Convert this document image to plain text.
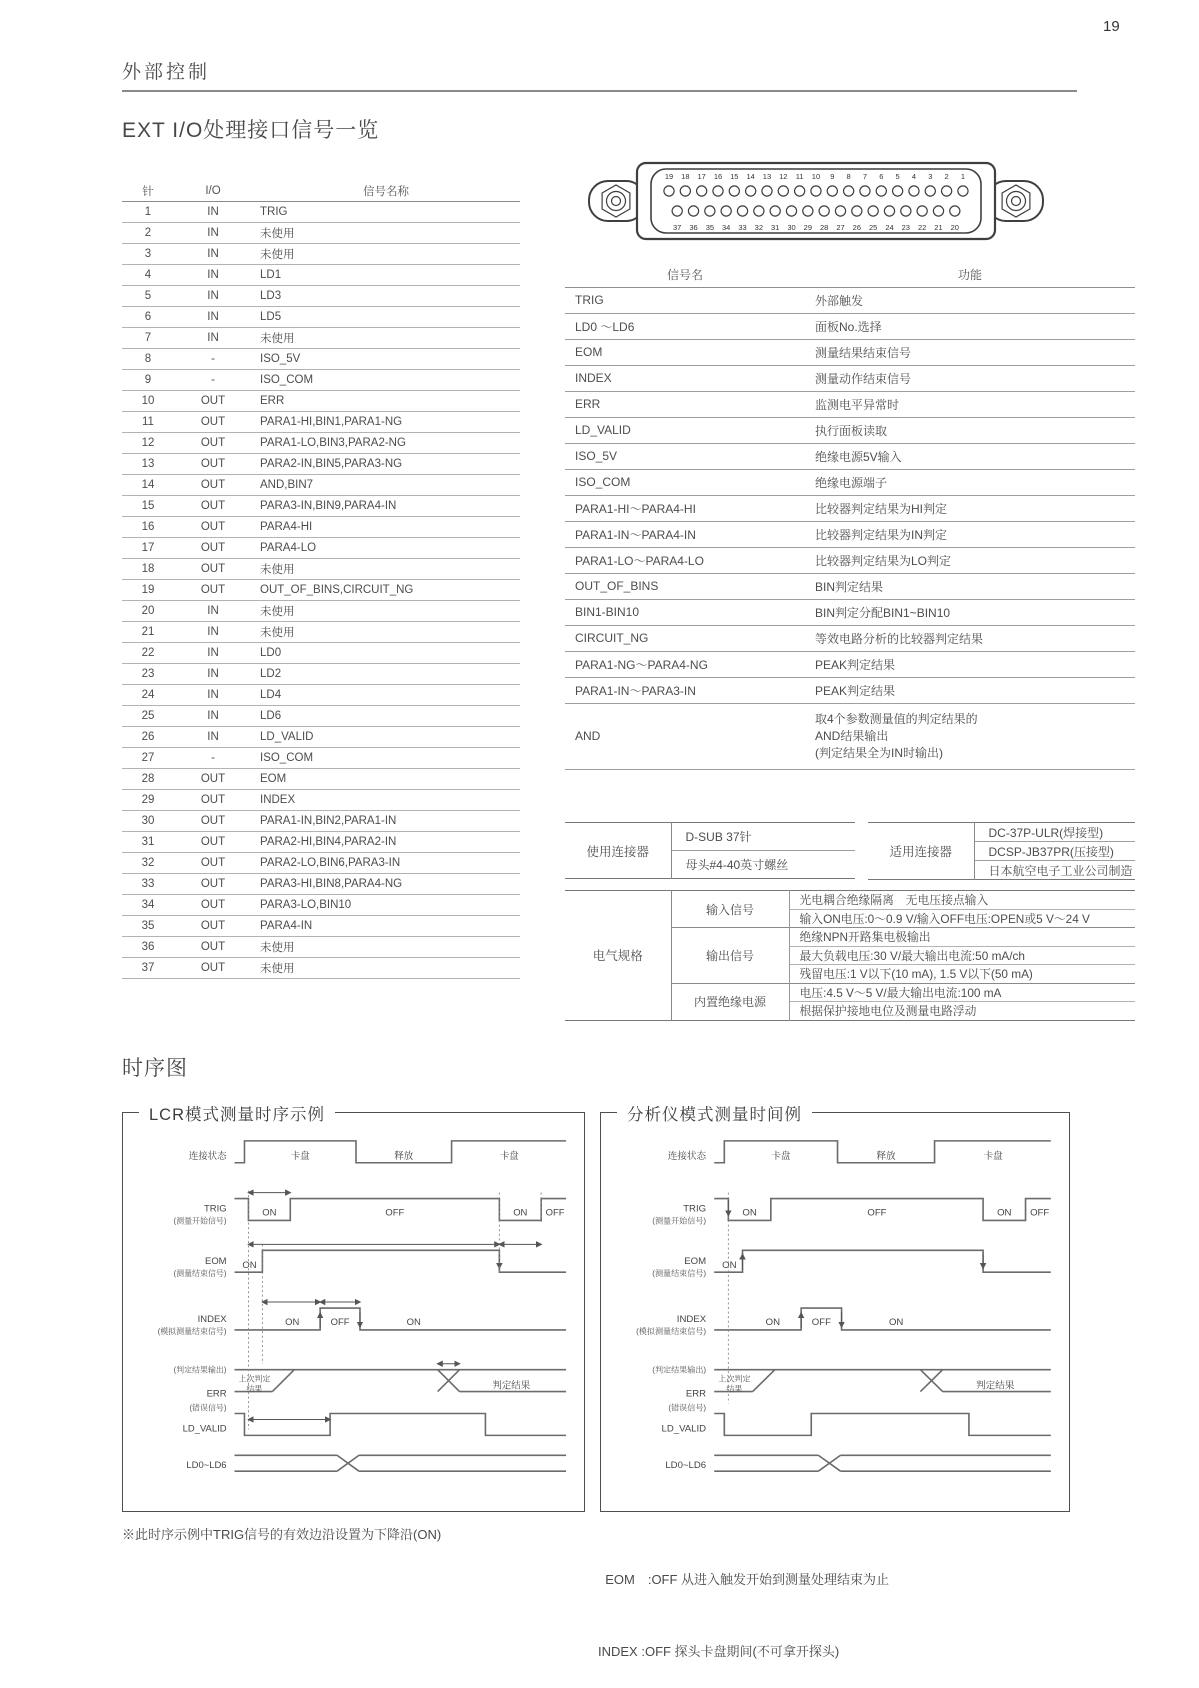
19
外部控制
EXT I/O处理接口信号一览
针	I/O	信号名称
1	IN	TRIG
2	IN	未使用
3	IN	未使用
4	IN	LD1
5	IN	LD3
6	IN	LD5
7	IN	未使用
8	-	ISO_5V
9	-	ISO_COM
10	OUT	ERR
11	OUT	PARA1-HI,BIN1,PARA1-NG
12	OUT	PARA1-LO,BIN3,PARA2-NG
13	OUT	PARA2-IN,BIN5,PARA3-NG
14	OUT	AND,BIN7
15	OUT	PARA3-IN,BIN9,PARA4-IN
16	OUT	PARA4-HI
17	OUT	PARA4-LO
18	OUT	未使用
19	OUT	OUT_OF_BINS,CIRCUIT_NG
20	IN	未使用
21	IN	未使用
22	IN	LD0
23	IN	LD2
24	IN	LD4
25	IN	LD6
26	IN	LD_VALID
27	-	ISO_COM
28	OUT	EOM
29	OUT	INDEX
30	OUT	PARA1-IN,BIN2,PARA1-IN
31	OUT	PARA2-HI,BIN4,PARA2-IN
32	OUT	PARA2-LO,BIN6,PARA3-IN
33	OUT	PARA3-HI,BIN8,PARA4-NG
34	OUT	PARA3-LO,BIN10
35	OUT	PARA4-IN
36	OUT	未使用
37	OUT	未使用
19 18 17 16 15 14 13 12 11 10 9 8 7 6 5 4 3 2 1
37 36 35 34 33 32 31 30 29 28 27 26 25 24 23 22 21 20
信号名	功能
TRIG	外部触发
LD0 ～LD6	面板No.选择
EOM	测量结果结束信号
INDEX	测量动作结束信号
ERR	监测电平异常时
LD_VALID	执行面板读取
ISO_5V	绝缘电源5V输入
ISO_COM	绝缘电源端子
PARA1-HI～PARA4-HI	比较器判定结果为HI判定
PARA1-IN～PARA4-IN	比较器判定结果为IN判定
PARA1-LO～PARA4-LO	比较器判定结果为LO判定
OUT_OF_BINS	BIN判定结果
BIN1-BIN10	BIN判定分配BIN1~BIN10
CIRCUIT_NG	等效电路分析的比较器判定结果
PARA1-NG～PARA4-NG	PEAK判定结果
PARA1-IN～PARA3-IN	PEAK判定结果
AND	取4个参数测量值的判定结果的
AND结果输出
(判定结果全为IN时输出)
使用连接器	D-SUB 37针
母头#4-40英寸螺丝
适用连接器	DC-37P-ULR(焊接型)
DCSP-JB37PR(压接型)
日本航空电子工业公司制造
电气规格	输入信号	光电耦合绝缘隔离　无电压接点输入
		输入ON电压:0～0.9 V/输入OFF电压:OPEN或5 V～24 V
	输出信号	绝缘NPN开路集电极输出
		最大负载电压:30 V/最大输出电流:50 mA/ch
		残留电压:1 V以下(10 mA), 1.5 V以下(50 mA)
	内置绝缘电源	电压:4.5 V～5 V/最大输出电流:100 mA
		根据保护接地电位及测量电路浮动
时序图
LCR模式测量时序示例
连接状态	卡盘	释放	卡盘
TRIG
(测量开始信号)
ON	OFF	ON OFF
EOM
(测量结束信号)
ON
INDEX
(模拟测量结束信号)
ON	OFF	ON
(判定结果输出)
ERR
(错误信号)
上次判定
结果	判定结果
LD_VALID
LD0~LD6
分析仪模式测量时间例
连接状态	卡盘	释放	卡盘
TRIG
(测量开始信号)
ON	OFF	ON OFF
EOM
(测量结束信号)
ON
INDEX
(模拟测量结束信号)
ON	OFF	ON
(判定结果输出)
ERR
(错误信号)
上次判定
结果	判定结果
LD_VALID
LD0~LD6
※此时序示例中TRIG信号的有效边沿设置为下降沿(ON)

EOM　:OFF 从进入触发开始到测量处理结束为止

INDEX :OFF 探头卡盘期间(不可拿开探头)
